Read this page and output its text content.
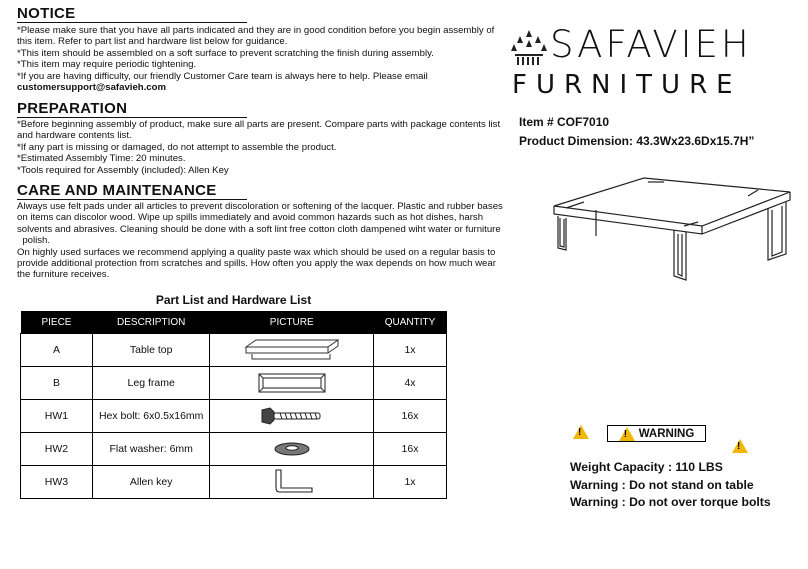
NOTICE
*Please make sure that you have all parts indicated and they are in good condition before you begin assembly of
this item. Refer to part list and hardware list below for guidance.
*This item should be assembled on a soft surface to prevent scratching the finish during assembly.
*This item may require periodic tightening.
*If you are having difficulty, our friendly Customer Care team is always here to help. Please email
customersupport@safavieh.com
PREPARATION
*Before beginning assembly of product, make sure all parts are present. Compare parts with package contents list
and hardware contents list.
*If any part is missing or damaged, do not attempt to assemble the product.
*Estimated Assembly Time: 20 minutes.
*Tools required for Assembly (included): Allen Key
CARE AND MAINTENANCE
Always use felt pads under all articles to prevent discoloration or softening of the lacquer. Plastic and rubber bases
on items can discolor wood. Wipe up spills immediately and avoid common hazards such as hot dishes, harsh
solvents and abrasives. Cleaning should be done with a soft lint free cotton cloth dampened wiht water or furniture
polish.
On highly used surfaces we recommend applying a quality paste wax which should be used on a regular basis to
provide additional protection from scratches and spills. How often you apply the wax depends on how much wear
the furniture receives.
SAFAVIEH
FURNITURE
Item # COF7010
Product Dimension: 43.3Wx23.6Dx15.7H”
Part List and Hardware List
PIECE	DESCRIPTION	PICTURE	QUANTITY
A	Table top		1x
B	Leg frame		4x
HW1	Hex bolt: 6x0.5x16mm		16x
HW2	Flat washer: 6mm		16x
HW3	Allen key		1x
!	! WARNING
!
Weight Capacity : 110 LBS
Warning : Do not stand on table
Warning : Do not over torque bolts
